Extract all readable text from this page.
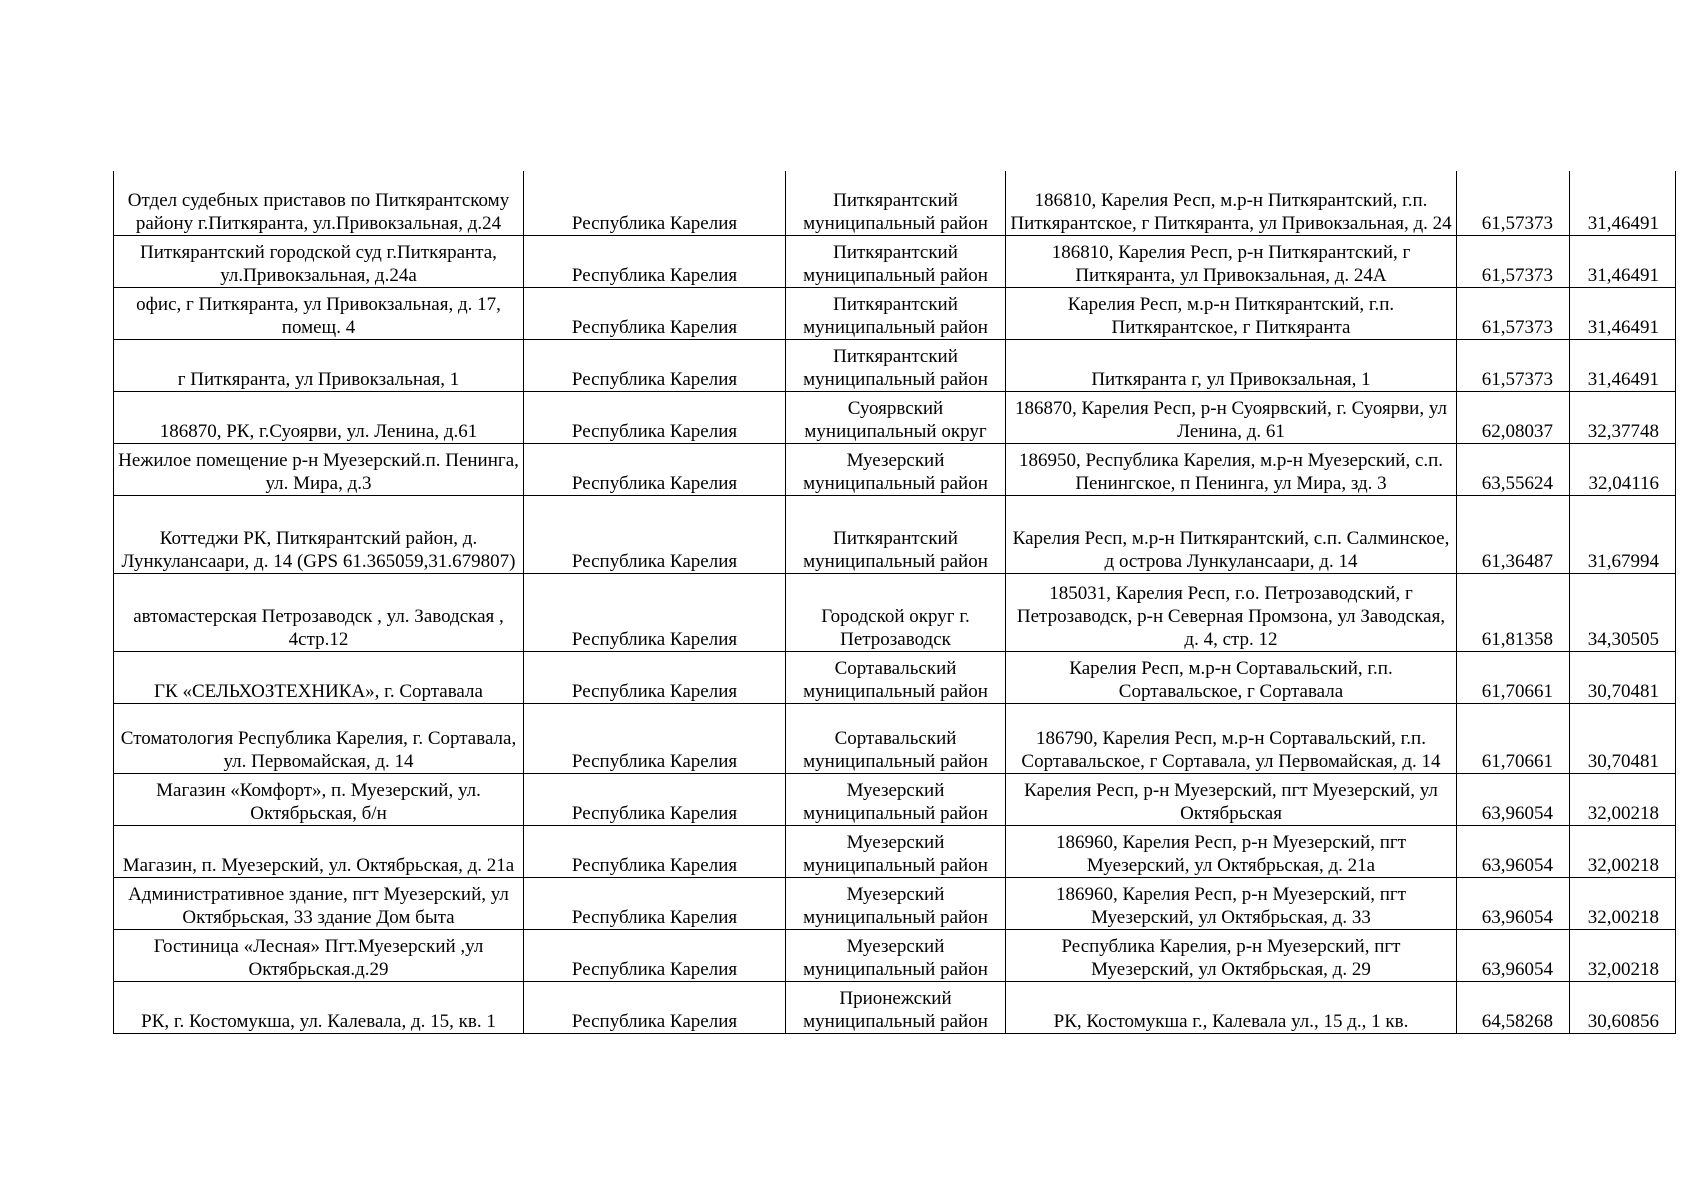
Отдел судебных приставов по Питкярантскому району г.Питкяранта, ул.Привокзальная, д.24	Республика Карелия	Питкярантский муниципальный район	186810, Карелия Респ, м.р-н Питкярантский, г.п. Питкярантское, г Питкяранта, ул Привокзальная, д. 24	61,57373	31,46491
Питкярантский городской суд г.Питкяранта, ул.Привокзальная, д.24а	Республика Карелия	Питкярантский муниципальный район	186810, Карелия Респ, р-н Питкярантский, г Питкяранта, ул Привокзальная, д. 24А	61,57373	31,46491
офис, г Питкяранта, ул Привокзальная, д. 17, помещ. 4	Республика Карелия	Питкярантский муниципальный район	Карелия Респ, м.р-н Питкярантский, г.п. Питкярантское, г Питкяранта	61,57373	31,46491
г Питкяранта, ул Привокзальная, 1	Республика Карелия	Питкярантский муниципальный район	Питкяранта г, ул Привокзальная, 1	61,57373	31,46491
186870, РК, г.Суоярви, ул. Ленина, д.61	Республика Карелия	Суоярвский муниципальный округ	186870, Карелия Респ, р-н Суоярвский, г. Суоярви, ул Ленина, д. 61	62,08037	32,37748
Нежилое помещение р-н Муезерский.п. Пенинга, ул. Мира, д.3	Республика Карелия	Муезерский муниципальный район	186950, Республика Карелия, м.р-н Муезерский, с.п. Пенингское, п Пенинга, ул Мира, зд. 3	63,55624	32,04116
Коттеджи РК, Питкярантский район, д. Лункулансаари, д. 14 (GPS 61.365059,31.679807)	Республика Карелия	Питкярантский муниципальный район	Карелия Респ, м.р-н Питкярантский, с.п. Салминское, д острова Лункулансаари, д. 14	61,36487	31,67994
автомастерская Петрозаводск , ул. Заводская , 4стр.12	Республика Карелия	Городской округ г. Петрозаводск	185031, Карелия Респ, г.о. Петрозаводский, г Петрозаводск, р-н Северная Промзона, ул Заводская, д. 4, стр. 12	61,81358	34,30505
ГК «СЕЛЬХОЗТЕХНИКА», г. Сортавала	Республика Карелия	Сортавальский муниципальный район	Карелия Респ, м.р-н Сортавальский, г.п. Сортавальское, г Сортавала	61,70661	30,70481
Стоматология Республика Карелия, г. Сортавала, ул. Первомайская, д. 14	Республика Карелия	Сортавальский муниципальный район	186790, Карелия Респ, м.р-н Сортавальский, г.п. Сортавальское, г Сортавала, ул Первомайская, д. 14	61,70661	30,70481
Магазин «Комфорт», п. Муезерский, ул. Октябрьская, б/н	Республика Карелия	Муезерский муниципальный район	Карелия Респ, р-н Муезерский, пгт Муезерский, ул Октябрьская	63,96054	32,00218
Магазин, п. Муезерский, ул. Октябрьская, д. 21а	Республика Карелия	Муезерский муниципальный район	186960, Карелия Респ, р-н Муезерский, пгт Муезерский, ул Октябрьская, д. 21а	63,96054	32,00218
Административное здание, пгт Муезерский, ул Октябрьская, 33 здание Дом быта	Республика Карелия	Муезерский муниципальный район	186960, Карелия Респ, р-н Муезерский, пгт Муезерский, ул Октябрьская, д. 33	63,96054	32,00218
Гостиница «Лесная» Пгт.Муезерский ,ул Октябрьская.д.29	Республика Карелия	Муезерский муниципальный район	Республика Карелия, р-н Муезерский, пгт Муезерский, ул Октябрьская, д. 29	63,96054	32,00218
РК, г. Костомукша, ул. Калевала, д. 15, кв. 1	Республика Карелия	Прионежский муниципальный район	РК, Костомукша г., Калевала ул., 15 д., 1 кв.	64,58268	30,60856
